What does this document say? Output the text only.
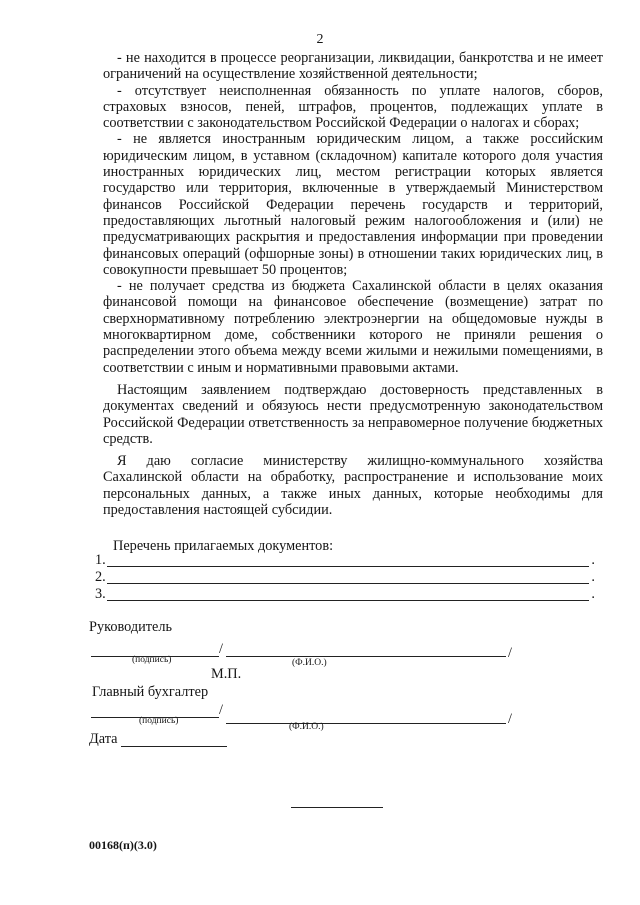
2

- не находится в процессе реорганизации, ликвидации, банкротства и не имеет ограничений на осуществление хозяйственной деятельности;

- отсутствует неисполненная обязанность по уплате налогов, сборов, страховых взносов, пеней, штрафов, процентов, подлежащих уплате в соответствии с законодательством Российской Федерации о налогах и сборах;

- не является иностранным юридическим лицом, а также российским юридическим лицом, в уставном (складочном) капитале которого доля участия иностранных юридических лиц, местом регистрации которых является государство или территория, включенные в утверждаемый Министерством финансов Российской Федерации перечень государств и территорий, предоставляющих льготный налоговый режим налогообложения и (или) не предусматривающих раскрытия и предоставления информации при проведении финансовых операций (офшорные зоны) в отношении таких юридических лиц, в совокупности превышает 50 процентов;

- не получает средства из бюджета Сахалинской области в целях оказания финансовой помощи на финансовое обеспечение (возмещение) затрат по сверхнормативному потреблению электроэнергии на общедомовые нужды в многоквартирном доме, собственники которого не приняли решения о распределении этого объема между всеми жилыми и нежилыми помещениями, в соответствии с иным и нормативными правовыми актами.

Настоящим заявлением подтверждаю достоверность представленных в документах сведений и обязуюсь нести предусмотренную законодательством Российской Федерации ответственность за неправомерное получение бюджетных средств.

Я даю согласие министерству жилищно-коммунального хозяйства Сахалинской области на обработку, распространение и использование моих персональных данных, а также иных данных, которые необходимы для предоставления настоящей субсидии.

Перечень прилагаемых документов:
1.	.
2.	.
3.	.
Руководитель
/	/
(подпись)	(Ф.И.О.)
М.П.
Главный бухгалтер
/
/
(подпись)
(Ф.И.О.)
Дата
00168(п)(3.0)
